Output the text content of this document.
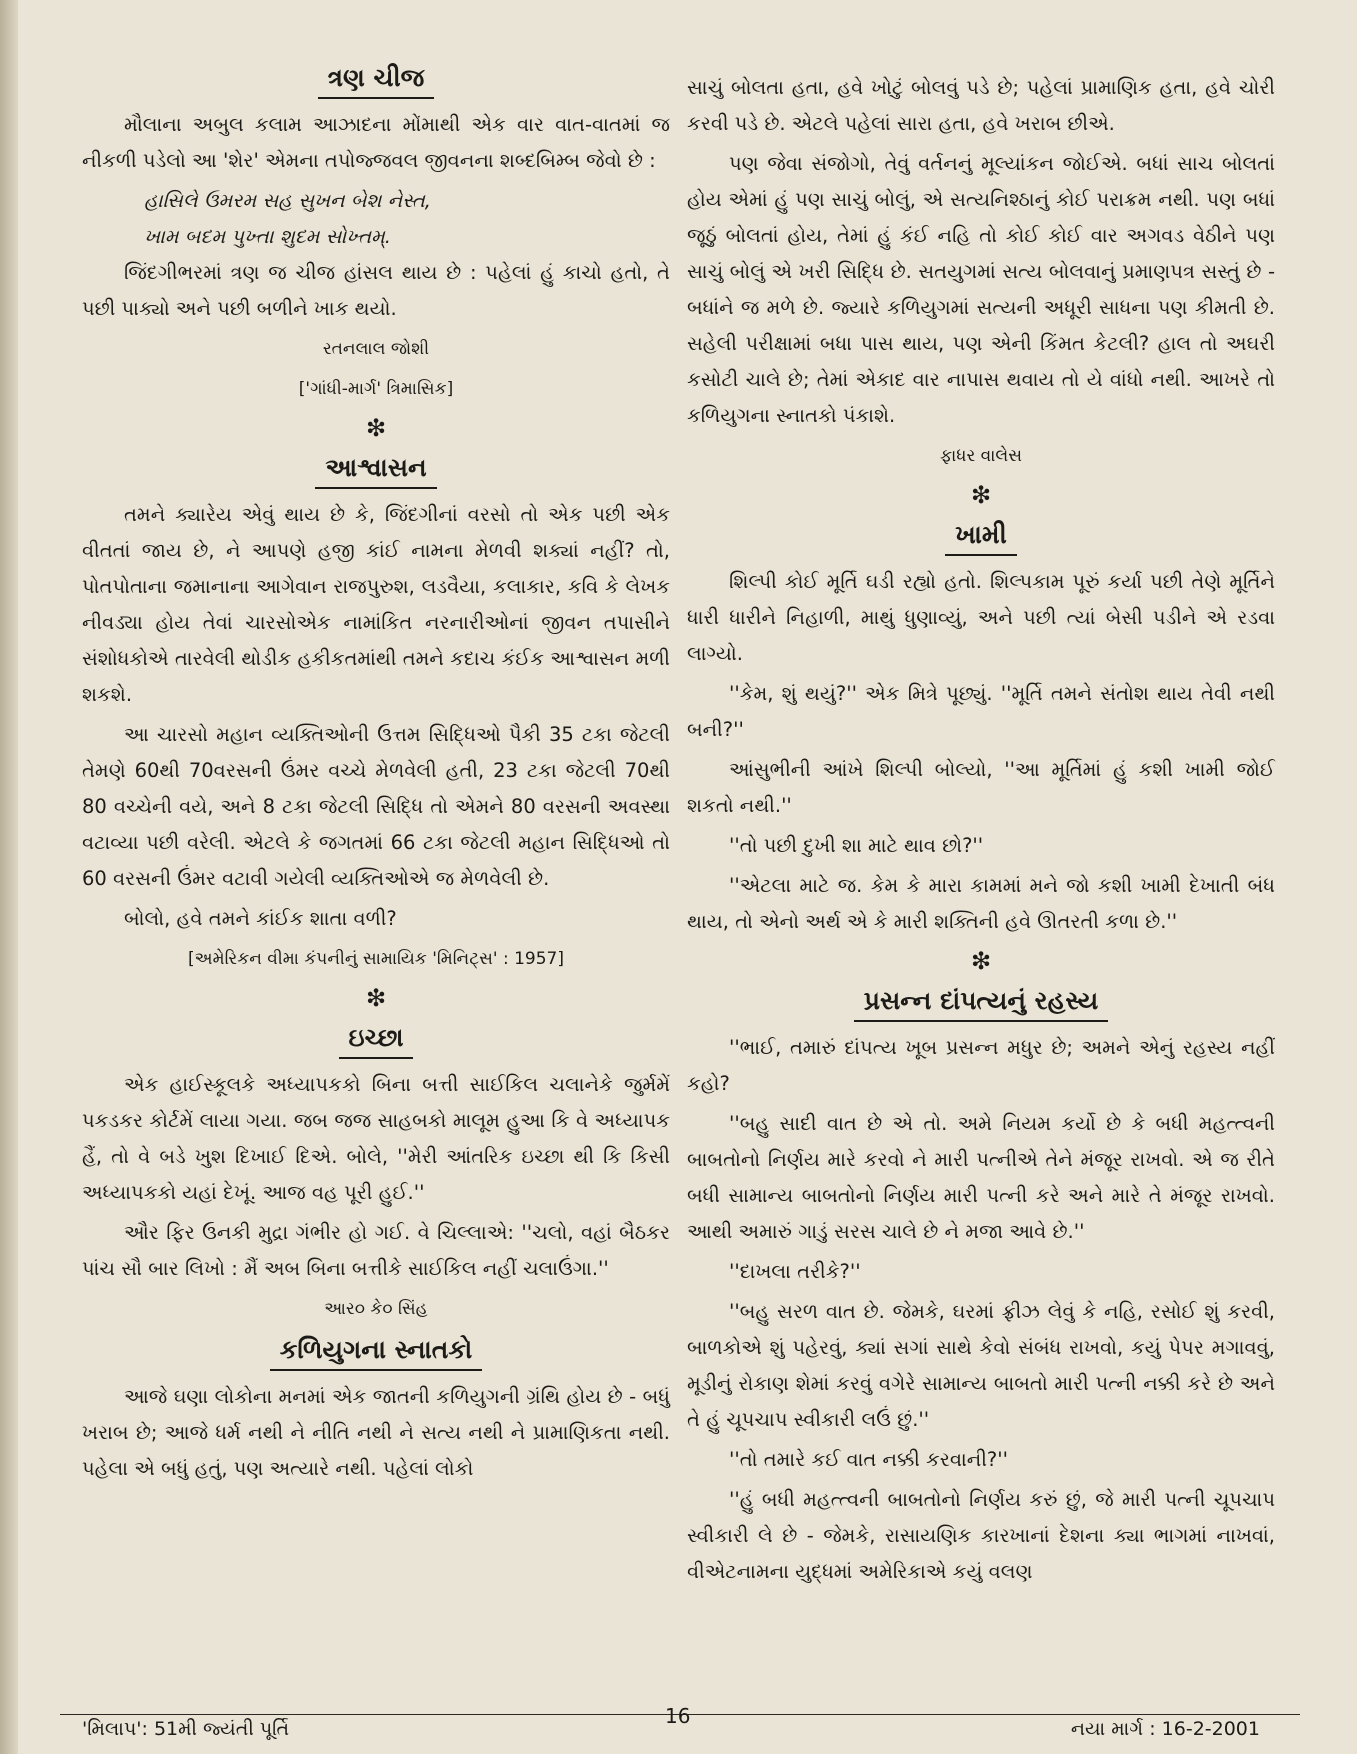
ત્રણ ચીજ

મૌલાના અબુલ કલામ આઝાદના મોંમાથી એક વાર વાત-વાતમાં જ નીકળી પડેલો આ 'શેર' એમના તપોજ્જવલ જીવનના શબ્દબિમ્બ જેવો છે :

હાસિલે ઉમરમ સહ સુખન બેશ નેસ્ત,

ખામ બદમ પુખ્તા શુદમ સોખ્તમ્.

જિંદગીભરમાં ત્રણ જ ચીજ હાંસલ થાય છે : પહેલાં હું કાચો હતો, તે પછી પાક્યો અને પછી બળીને ખાક થયો.

રતનલાલ જોશી

['ગાંધી-માર્ગ' ત્રિમાસિક]

❇
આશ્વાસન

તમને ક્યારેય એવું થાય છે કે, જિંદગીનાં વરસો તો એક પછી એક વીતતાં જાય છે, ને આપણે હજી કાંઈ નામના મેળવી શક્યાં નહીં? તો, પોતપોતાના જમાનાના આગેવાન રાજપુરુશ, લડવૈયા, કલાકાર, કવિ કે લેખક નીવડ્યા હોય તેવાં ચારસોએક નામાંકિત નરનારીઓનાં જીવન તપાસીને સંશોધકોએ તારવેલી થોડીક હકીકતમાંથી તમને કદાચ કંઈક આશ્વાસન મળી શકશે.

આ ચારસો મહાન વ્યક્તિઓની ઉત્તમ સિદ્ધિઓ પૈકી 35 ટકા જેટલી તેમણે 60થી 70વરસની ઉંમર વચ્ચે મેળવેલી હતી, 23 ટકા જેટલી 70થી 80 વચ્ચેની વયે, અને 8 ટકા જેટલી સિદ્ધિ તો એમને 80 વરસની અવસ્થા વટાવ્યા પછી વરેલી. એટલે કે જગતમાં 66 ટકા જેટલી મહાન સિદ્ધિઓ તો 60 વરસની ઉંમર વટાવી ગયેલી વ્યક્તિઓએ જ મેળવેલી છે.

બોલો, હવે તમને કાંઈક શાતા વળી?

[અમેરિકન વીમા કંપનીનું સામાયિક 'મિનિટ્સ' : 1957]

❇
ઇચ્છા

એક હાઈસ્કૂલકે અધ્યાપકકો બિના બત્તી સાઈકિલ ચલાનેકે જુર્મમેં પકડકર કોર્ટમેં લાયા ગયા. જબ જજ સાહબકો માલૂમ હુઆ કિ વે અધ્યાપક હૈં, તો વે બડે ખુશ દિખાઈ દિએ. બોલે, ''મેરી આંતરિક ઇચ્છા થી કિ કિસી અધ્યાપકકો યહાં દેખૂં. આજ વહ પૂરી હુઈ.''

ઔર ફિર ઉનકી મુદ્રા ગંભીર હો ગઈ. વે ચિલ્લાએ: ''ચલો, વહાં બૈઠકર પાંચ સૌ બાર લિખો : મૈં અબ બિના બત્તીકે સાઈકિલ નહીં ચલાઉંગા.''

આર૦ કે૦ સિંહ

કળિયુગના સ્નાતકો

આજે ઘણા લોકોના મનમાં એક જાતની કળિયુગની ગ્રંથિ હોય છે - બધું ખરાબ છે; આજે ધર્મ નથી ને નીતિ નથી ને સત્ય નથી ને પ્રામાણિકતા નથી. પહેલા એ બધું હતું, પણ અત્યારે નથી. પહેલાં લોકો

સાચું બોલતા હતા, હવે ખોટું બોલવું પડે છે; પહેલાં પ્રામાણિક હતા, હવે ચોરી કરવી પડે છે. એટલે પહેલાં સારા હતા, હવે ખરાબ છીએ.

પણ જેવા સંજોગો, તેવું વર્તનનું મૂલ્યાંકન જોઈએ. બધાં સાચ બોલતાં હોય એમાં હું પણ સાચું બોલું, એ સત્યનિશ્ઠાનું કોઈ પરાક્રમ નથી. પણ બધાં જૂઠું બોલતાં હોય, તેમાં હું કંઈ નહિ તો કોઈ કોઈ વાર અગવડ વેઠીને પણ સાચું બોલું એ ખરી સિદ્ધિ છે. સતયુગમાં સત્ય બોલવાનું પ્રમાણપત્ર સસ્તું છે - બધાંને જ મળે છે. જ્યારે કળિયુગમાં સત્યની અધૂરી સાધના પણ કીમતી છે. સહેલી પરીક્ષામાં બધા પાસ થાય, પણ એની કિંમત કેટલી? હાલ તો અઘરી કસોટી ચાલે છે; તેમાં એકાદ વાર નાપાસ થવાય તો યે વાંધો નથી. આખરે તો કળિયુગના સ્નાતકો પંકાશે.

ફાધર વાલેસ

❇
ખામી

શિલ્પી કોઈ મૂર્તિ ઘડી રહ્યો હતો. શિલ્પકામ પૂરું કર્યા પછી તેણે મૂર્તિને ધારી ધારીને નિહાળી, માથું ધુણાવ્યું, અને પછી ત્યાં બેસી પડીને એ રડવા લાગ્યો.

''કેમ, શું થયું?'' એક મિત્રે પૂછ્યું. ''મૂર્તિ તમને સંતોશ થાય તેવી નથી બની?''

આંસુભીની આંખે શિલ્પી બોલ્યો, ''આ મૂર્તિમાં હું કશી ખામી જોઈ શકતો નથી.''

''તો પછી દુખી શા માટે થાવ છો?''

''એટલા માટે જ. કેમ કે મારા કામમાં મને જો કશી ખામી દેખાતી બંધ થાય, તો એનો અર્થ એ કે મારી શક્તિની હવે ઊતરતી કળા છે.''

❇
પ્રસન્ન દાંપત્યનું રહસ્ય

''ભાઈ, તમારું દાંપત્ય ખૂબ પ્રસન્ન મધુર છે; અમને એનું રહસ્ય નહીં કહો?

''બહુ સાદી વાત છે એ તો. અમે નિયમ કર્યો છે કે બધી મહત્ત્વની બાબતોનો નિર્ણય મારે કરવો ને મારી પત્નીએ તેને મંજૂર રાખવો. એ જ રીતે બધી સામાન્ય બાબતોનો નિર્ણય મારી પત્ની કરે અને મારે તે મંજૂર રાખવો. આથી અમારું ગાડું સરસ ચાલે છે ને મજા આવે છે.''

''દાખલા તરીકે?''

''બહુ સરળ વાત છે. જેમકે, ઘરમાં ફ્રીઝ લેવું કે નહિ, રસોઈ શું કરવી, બાળકોએ શું પહેરવું, ક્યાં સગાં સાથે કેવો સંબંધ રાખવો, કયું પેપર મગાવવું, મૂડીનું રોકાણ શેમાં કરવું વગેરે સામાન્ય બાબતો મારી પત્ની નક્કી કરે છે અને તે હું ચૂપચાપ સ્વીકારી લઉં છું.''

''તો તમારે કઈ વાત નક્કી કરવાની?''

''હું બધી મહત્ત્વની બાબતોનો નિર્ણય કરું છું, જે મારી પત્ની ચૂપચાપ સ્વીકારી લે છે - જેમકે, રાસાયણિક કારખાનાં દેશના ક્યા ભાગમાં નાખવાં, વીએટનામના યુદ્ધમાં અમેરિકાએ કયું વલણ

'મિલાપ': 51મી જ્યંતી પૂર્તિ
16
નયા માર્ગ : 16-2-2001
